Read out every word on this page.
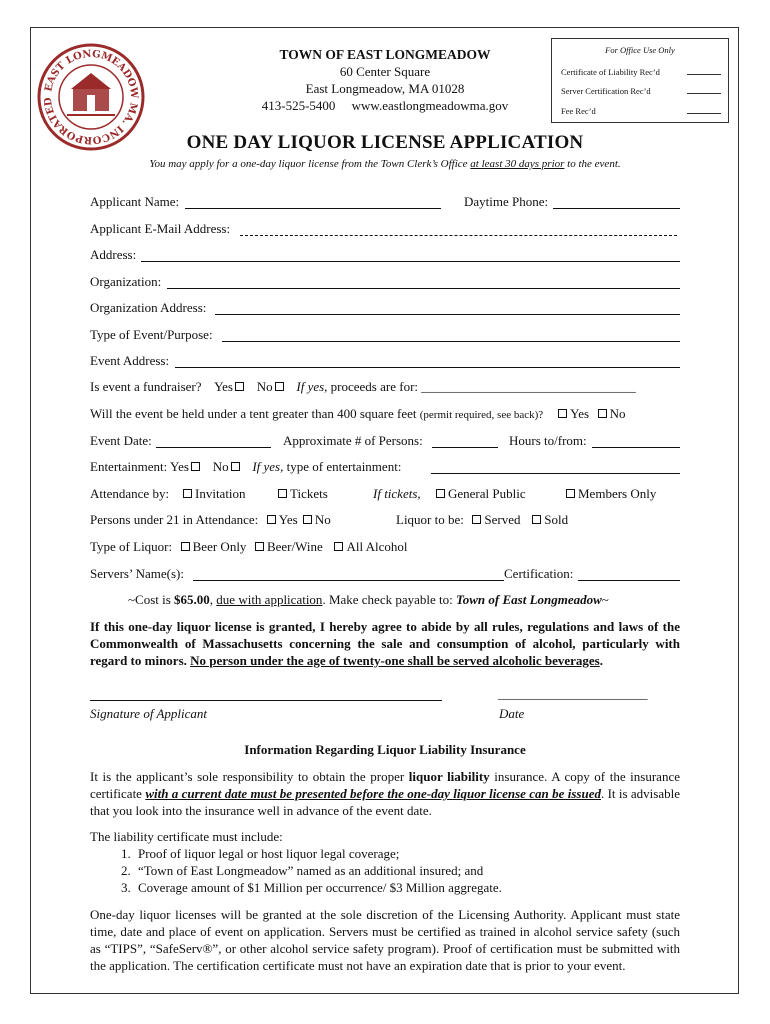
EAST LONGMEADOW MA. INCORPORATED
TOWN OF EAST LONGMEADOW
60 Center Square
East Longmeadow, MA 01028
413-525-5400     www.eastlongmeadowma.gov
For Office Use Only
Certificate of Liability Rec’d
Server Certification Rec’d
Fee Rec’d
ONE DAY LIQUOR LICENSE APPLICATION
You may apply for a one-day liquor license from the Town Clerk’s Office at least 30 days prior to the event.
Applicant Name:	Daytime Phone:
Applicant E-Mail Address:
Address:
Organization:
Organization Address:
Type of Event/Purpose:
Event Address:
Is event a fundraiser? Yes No If yes, proceeds are for: _________________________________
Will the event be held under a tent greater than 400 square feet (permit required, see back)? Yes No
Event Date:	Approximate # of Persons:	Hours to/from:
Entertainment: Yes No If yes, type of entertainment:
Attendance by:	Invitation	Tickets	If tickets,	General Public	Members Only
Persons under 21 in Attendance: Yes No	Liquor to be: Served Sold
Type of Liquor: Beer Only Beer/Wine All Alcohol
Servers’ Name(s):	Certification:
~Cost is $65.00, due with application. Make check payable to: Town of East Longmeadow~
If this one-day liquor license is granted, I hereby agree to abide by all rules, regulations and laws of the Commonwealth of Massachusetts concerning the sale and consumption of alcohol, particularly with regard to minors. No person under the age of twenty-one shall be served alcoholic beverages.
_______________________
Signature of Applicant	Date
Information Regarding Liquor Liability Insurance
It is the applicant’s sole responsibility to obtain the proper liquor liability insurance. A copy of the insurance certificate with a current date must be presented before the one-day liquor license can be issued. It is advisable that you look into the insurance well in advance of the event date.
The liability certificate must include:
1. Proof of liquor legal or host liquor legal coverage;
2. “Town of East Longmeadow” named as an additional insured; and
3. Coverage amount of $1 Million per occurrence/ $3 Million aggregate.
One-day liquor licenses will be granted at the sole discretion of the Licensing Authority. Applicant must state time, date and place of event on application. Servers must be certified as trained in alcohol service safety (such as “TIPS”, “SafeServ®”, or other alcohol service safety program). Proof of certification must be submitted with the application. The certification certificate must not have an expiration date that is prior to your event.
